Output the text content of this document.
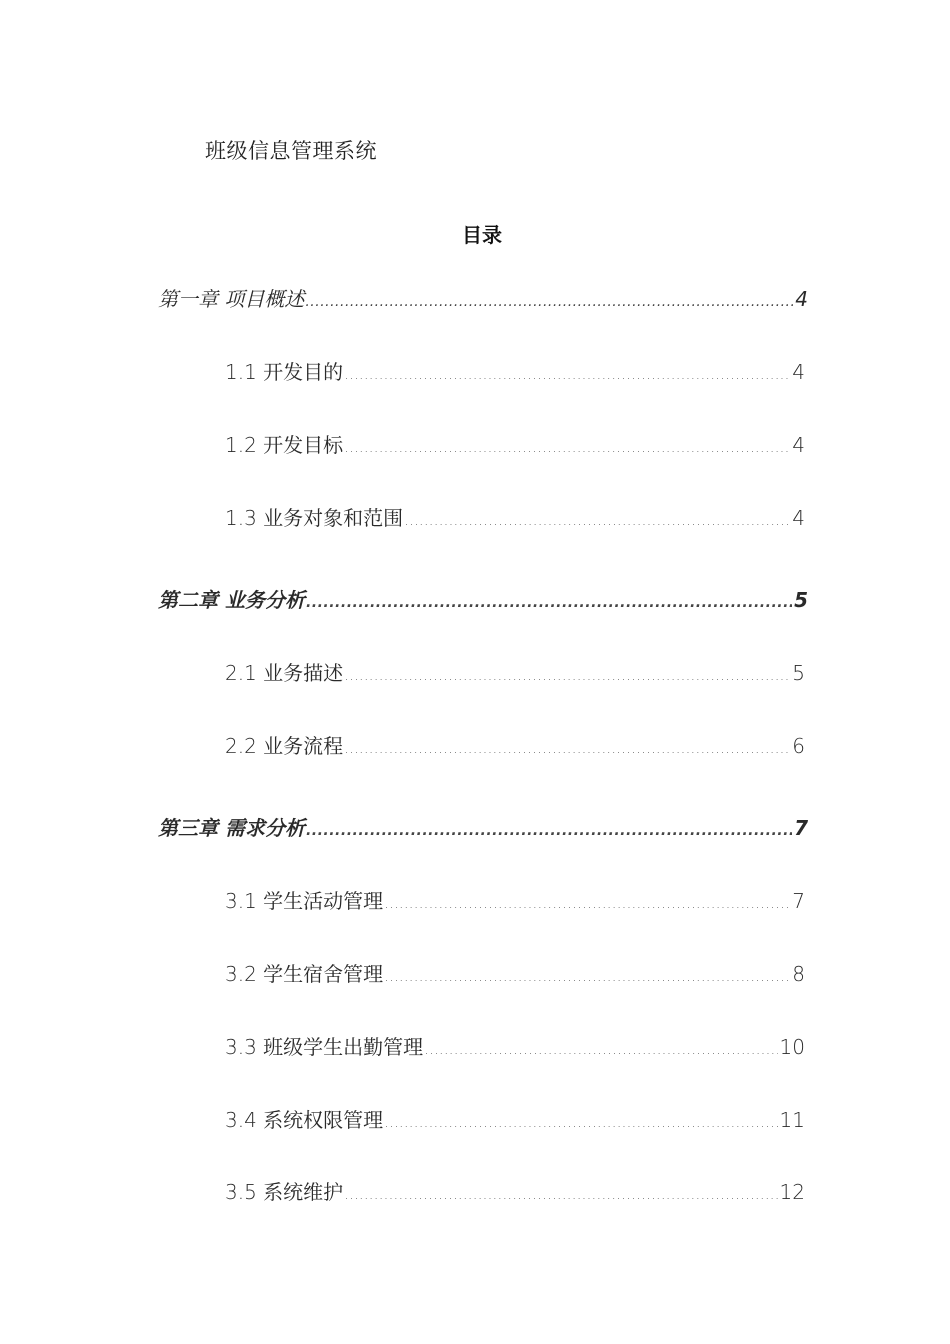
班级信息管理系统
目录
第一章 项目概述 .....	4
1.1 开发目的 .....	4
1.2 开发目标 .....	4
1.3 业务对象和范围 .....	4
第二章 业务分析 .....	5
2.1 业务描述 .....	5
2.2 业务流程 .....	6
第三章 需求分析 .....	7
3.1 学生活动管理 .....	7
3.2 学生宿舍管理 .....	8
3.3 班级学生出勤管理 .....	10
3.4 系统权限管理 .....	11
3.5 系统维护 .....	12
